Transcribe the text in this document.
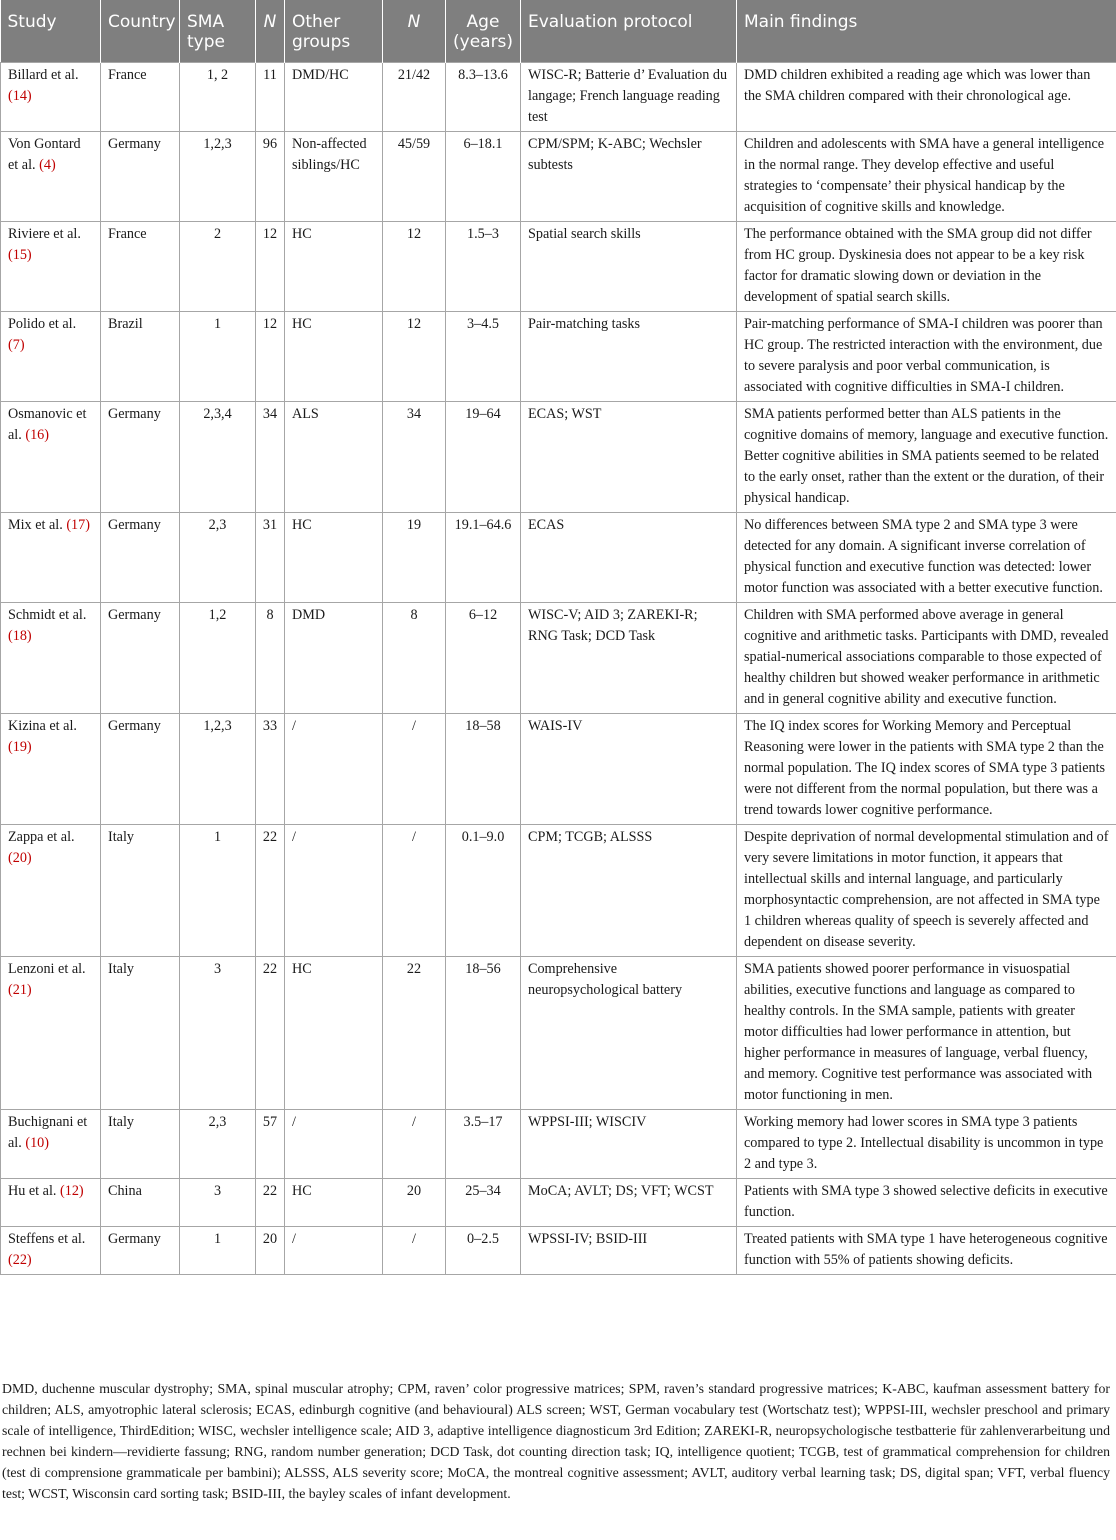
Study	Country	SMA type	N	Other groups	N	Age (years)	Evaluation protocol	Main findings
Billard et al. (14)	France	1, 2	11	DMD/HC	21/42	8.3–13.6	WISC-R; Batterie d’ Evaluation du langage; French language reading test	DMD children exhibited a reading age which was lower than the SMA children compared with their chronological age.
Von Gontard et al. (4)	Germany	1,2,3	96	Non-affected siblings/HC	45/59	6–18.1	CPM/SPM; K-ABC; Wechsler subtests	Children and adolescents with SMA have a general intelligence in the normal range. They develop effective and useful strategies to ‘compensate’ their physical handicap by the acquisition of cognitive skills and knowledge.
Riviere et al. (15)	France	2	12	HC	12	1.5–3	Spatial search skills	The performance obtained with the SMA group did not differ from HC group. Dyskinesia does not appear to be a key risk factor for dramatic slowing down or deviation in the development of spatial search skills.
Polido et al. (7)	Brazil	1	12	HC	12	3–4.5	Pair-matching tasks	Pair-matching performance of SMA-I children was poorer than HC group. The restricted interaction with the environment, due to severe paralysis and poor verbal communication, is associated with cognitive difficulties in SMA-I children.
Osmanovic et al. (16)	Germany	2,3,4	34	ALS	34	19–64	ECAS; WST	SMA patients performed better than ALS patients in the cognitive domains of memory, language and executive function. Better cognitive abilities in SMA patients seemed to be related to the early onset, rather than the extent or the duration, of their physical handicap.
Mix et al. (17)	Germany	2,3	31	HC	19	19.1–64.6	ECAS	No differences between SMA type 2 and SMA type 3 were detected for any domain. A significant inverse correlation of physical function and executive function was detected: lower motor function was associated with a better executive function.
Schmidt et al. (18)	Germany	1,2	8	DMD	8	6–12	WISC-V; AID 3; ZAREKI-R; RNG Task; DCD Task	Children with SMA performed above average in general cognitive and arithmetic tasks. Participants with DMD, revealed spatial-numerical associations comparable to those expected of healthy children but showed weaker performance in arithmetic and in general cognitive ability and executive function.
Kizina et al. (19)	Germany	1,2,3	33	/	/	18–58	WAIS-IV	The IQ index scores for Working Memory and Perceptual Reasoning were lower in the patients with SMA type 2 than the normal population. The IQ index scores of SMA type 3 patients were not different from the normal population, but there was a trend towards lower cognitive performance.
Zappa et al. (20)	Italy	1	22	/	/	0.1–9.0	CPM; TCGB; ALSSS	Despite deprivation of normal developmental stimulation and of very severe limitations in motor function, it appears that intellectual skills and internal language, and particularly morphosyntactic comprehension, are not affected in SMA type 1 children whereas quality of speech is severely affected and dependent on disease severity.
Lenzoni et al. (21)	Italy	3	22	HC	22	18–56	Comprehensive neuropsychological battery	SMA patients showed poorer performance in visuospatial abilities, executive functions and language as compared to healthy controls. In the SMA sample, patients with greater motor difficulties had lower performance in attention, but higher performance in measures of language, verbal fluency, and memory. Cognitive test performance was associated with motor functioning in men.
Buchignani et al. (10)	Italy	2,3	57	/	/	3.5–17	WPPSI-III; WISCIV	Working memory had lower scores in SMA type 3 patients compared to type 2. Intellectual disability is uncommon in type 2 and type 3.
Hu et al. (12)	China	3	22	HC	20	25–34	MoCA; AVLT; DS; VFT; WCST	Patients with SMA type 3 showed selective deficits in executive function.
Steffens et al. (22)	Germany	1	20	/	/	0–2.5	WPSSI-IV; BSID-III	Treated patients with SMA type 1 have heterogeneous cognitive function with 55% of patients showing deficits.
DMD, duchenne muscular dystrophy; SMA, spinal muscular atrophy; CPM, raven’ color progressive matrices; SPM, raven’s standard progressive matrices; K-ABC, kaufman assessment battery for children; ALS, amyotrophic lateral sclerosis; ECAS, edinburgh cognitive (and behavioural) ALS screen; WST, German vocabulary test (Wortschatz test); WPPSI-III, wechsler preschool and primary scale of intelligence, ThirdEdition; WISC, wechsler intelligence scale; AID 3, adaptive intelligence diagnosticum 3rd Edition; ZAREKI-R, neuropsychologische testbatterie für zahlenverarbeitung und rechnen bei kindern—revidierte fassung; RNG, random number generation; DCD Task, dot counting direction task; IQ, intelligence quotient; TCGB, test of grammatical comprehension for children (test di comprensione grammaticale per bambini); ALSSS, ALS severity score; MoCA, the montreal cognitive assessment; AVLT, auditory verbal learning task; DS, digital span; VFT, verbal fluency test; WCST, Wisconsin card sorting task; BSID-III, the bayley scales of infant development.
